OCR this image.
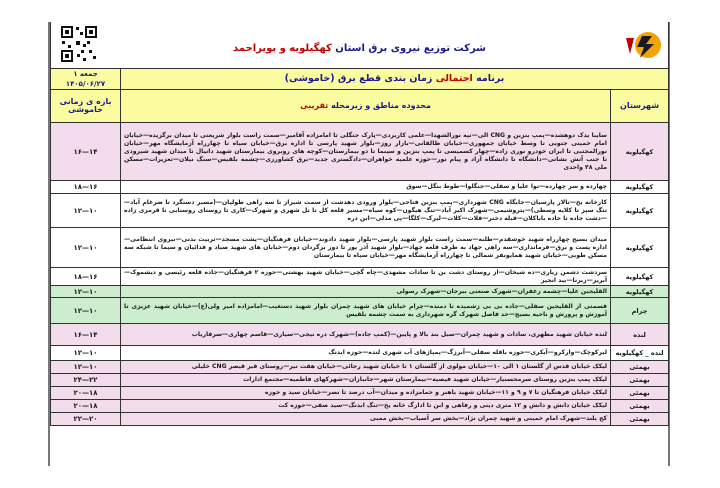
شرکت توزیع نیروی برق استان کهگیلویه و بویراحمد		

برنامه احتمالی زمان بندی قطع برق (خاموشی)		جمعه ۱
۱۴۰۵/۰۶/۲۷

شهرستان	محدوده مناطق و زیرمحله تقریبی	بازه ی زمانی خاموشی
کهگیلویه	سایبا یدک دوهشده—پمپ بنزین و CNG الی—تپه نورالشهدا—علمی کاربردی—پارک جنگلی تا امامزاده آقامیر—سمت راست بلوار شریعتی تا میدان برگزیده—خیابان امام خمینی جنوبی تا وسط خیابان جمهوری—خیابان طالقانی—بازار روز—بلوار شهید پارسی تا اداره برق—خیابان سیاه تا چهارراه آزمایشگاه مهر—خیابان نورالمجتبی تا ایران خودرو نوری زاده—چهار کسمیسی تا پمپ بنزین و سینما تا دو بیمارستان—کوچه های روبروی بیمارستان شهید دانیال تا میدان شهید شیرودی تا جنب آتش نشانی—دانشگاه تا دانشگاه آزاد و پیام نور—حوزه علمیه خواهران—دادگستری جدید—برق کشاورزی—چشمه بلقیس—سنگ نیلان—تعزیرات—مسکن ملی ۴۸ واحدی	۱۴—۱۶
کهگیلویه	چهارده و سر چهارده—نوا علیا و سفلی—جنگلوا—طوط بنگل—سوق	۱۶—۱۸
کهگیلویه	کارخانه یخ—تالار پارسیان—جایگاه CNG شهرداری—پمپ بنزین فتاحی—بلوار ورودی دهدشت از سمت شیراز تا سه راهی طولیان—(مسیر دستگرد تا ضرغام آباد—تنگ سپز تا کلایه وسطی)—پتروشیمی—شهرک اکبر آباد—تنگ هیگون—کوه سیاه—مسیر قلعه کل تا تل شهری و شهرک—کاری تا روستای روستایی تا قرمزی زاده—دشت جاده تا جاده باباکلان—قبله دختر—قلات—کلات—لیرک—کلگا—پی مدلی—ابن دره	۱۰—۱۲
کهگیلویه	میدان بسیج چهارراه شهید خوشقدم—طلبه—سمت راست بلوار شهید پارسی—بلوار شهید دادوند—خیابان فرهنگیان—پشت مسجد—تربیت بدنی—نیروی انتظامی—اداره پست و برق—فرمانداری—سه راهی جهاد به طرف قلعه جهاد—بلوار شهید آذر پور تا دور برگردان دوم—خیابان های شهید صیاد و فدائیان و سیما تا شبکه سه مسکن طوبی—خیابان شهید همایونفر شمالی تا چهارراه آزمایشگاه مهر—خیابان سیاه تا بیمارستان	۱۰—۱۲
کهگیلویه	سردشت دشمن زیاری—ده شیخان—از روستای دشت بن تا سادات مشهدی—چاه گچی—خیابان شهید بهشتی—حوزه ۲ فرهنگیان—جاده قلعه رئیسی و دیشموک—آبریز—زیرنا—بید انجیر	۱۶—۱۸
کهگیلویه	القلیجین علیا—چشمه زعفران—شهرک صنعتی بیرجان—شهرک رسولی	۱۰—۱۲
چرام	قسمتی از القلیجین سفلی—جاده بی بی زشمیده تا دمنده—چرام خیابان های شهید چمران بلوار شهید دستغیب—امامزاده امیر ولی(ع)—خیابان شهید عزیزی تا آموزش و پرورش و ناحیه بسیج—حد فاصل شهرک گره شهرداری به سمت چشمه بلقیس	۱۰—۱۲
لنده	لنده خیابان شهید مطهری، سادات و شهید چمران—سیل بند بالا و پایین—(کمپ جاده)—شهرک دره نیجی—سیاری—قاسم چهاری—سرفاریاب	۱۴—۱۶
لنده _ کهگیلویه	لیرکوچک—وارکرو—آبکری—حوزه باقله سفلی—آبرزگ—پمپاژهای آب شهری لنده—حوزه ابدنگ	۱۰—۱۲
بهمئی	لیکک خیابان قدس از گلستان ۱ الی ۱۰—خیابان مولوی از گلستان ۱ تا خیابان شهید رجائی—خیابان هفت تیر—روستای قیر قیصر CNG خلیلی	۱۰—۱۲
بهمئی	لیکک پمپ بنزین روستای سرمحسنیار—خیابان شهید فیصیه—بیمارستان شهر—جانبازان—شهرکهای فاطمیه—مجتمع ادارات	۲۲—۲۴
بهمئی	لیکک خیابان فرهنگیان تا ۷ و ۹ و ۱۱—خیابان شهید باهنر و حمامزاده و میدان—آب درصد تا نصر—خیابان سید و حوزه	۱۸—۲۰
بهمئی	لیکک خیابان دانش و دانش و ۱۲ متری دینی و رفاهی و ابن تا ادارگ خانه یخ—تنگ ابدنگ—سید صفی—حوزه کت	۱۸—۲۰
بهمئی	کج بلند—شهرک امام خمینی و شهید چمران نژاد—بخش سر آسیاب—بخش ممبی	۲۰—۲۲
